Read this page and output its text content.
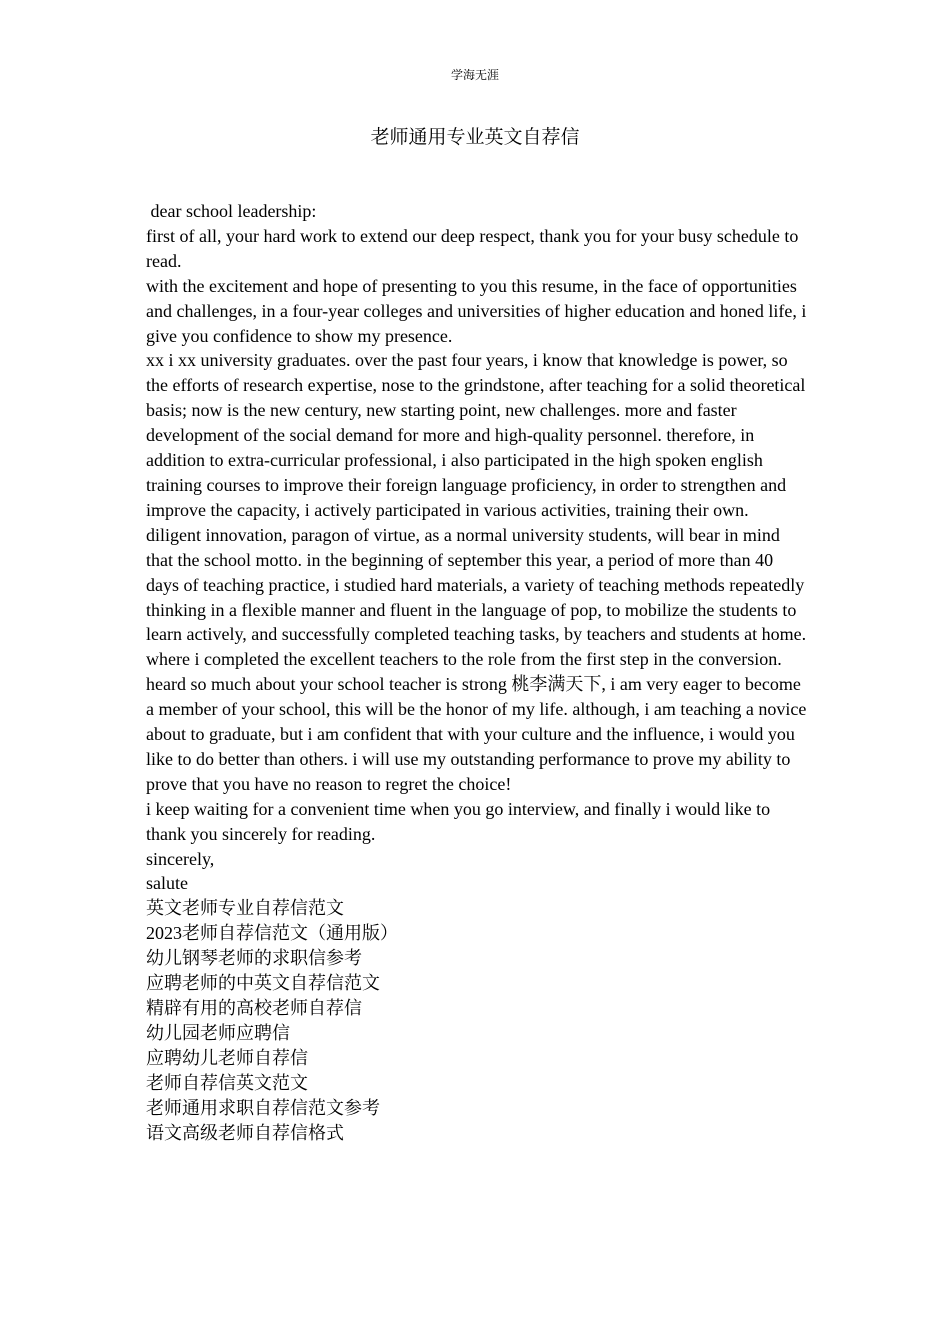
学海无涯
老师通用专业英文自荐信

dear school leadership:

first of all, your hard work to extend our deep respect, thank you for your busy schedule to read.

with the excitement and hope of presenting to you this resume, in the face of opportunities and challenges, in a four-year colleges and universities of higher education and honed life, i give you confidence to show my presence.

xx i xx university graduates. over the past four years, i know that knowledge is power, so the efforts of research expertise, nose to the grindstone, after teaching for a solid theoretical basis; now is the new century, new starting point, new challenges. more and faster development of the social demand for more and high-quality personnel. therefore, in addition to extra-curricular professional, i also participated in the high spoken english training courses to improve their foreign language proficiency, in order to strengthen and improve the capacity, i actively participated in various activities, training their own.

diligent innovation, paragon of virtue, as a normal university students, will bear in mind that the school motto. in the beginning of september this year, a period of more than 40 days of teaching practice, i studied hard materials, a variety of teaching methods repeatedly thinking in a flexible manner and fluent in the language of pop, to mobilize the students to learn actively, and successfully completed teaching tasks, by teachers and students at home. where i completed the excellent teachers to the role from the first step in the conversion.

heard so much about your school teacher is strong 桃李满天下, i am very eager to become a member of your school, this will be the honor of my life. although, i am teaching a novice about to graduate, but i am confident that with your culture and the influence, i would you like to do better than others. i will use my outstanding performance to prove my ability to prove that you have no reason to regret the choice!

i keep waiting for a convenient time when you go interview, and finally i would like to thank you sincerely for reading.

sincerely,

salute

英文老师专业自荐信范文
2023老师自荐信范文（通用版）
幼儿钢琴老师的求职信参考
应聘老师的中英文自荐信范文
精辟有用的高校老师自荐信
幼儿园老师应聘信
应聘幼儿老师自荐信
老师自荐信英文范文
老师通用求职自荐信范文参考
语文高级老师自荐信格式
